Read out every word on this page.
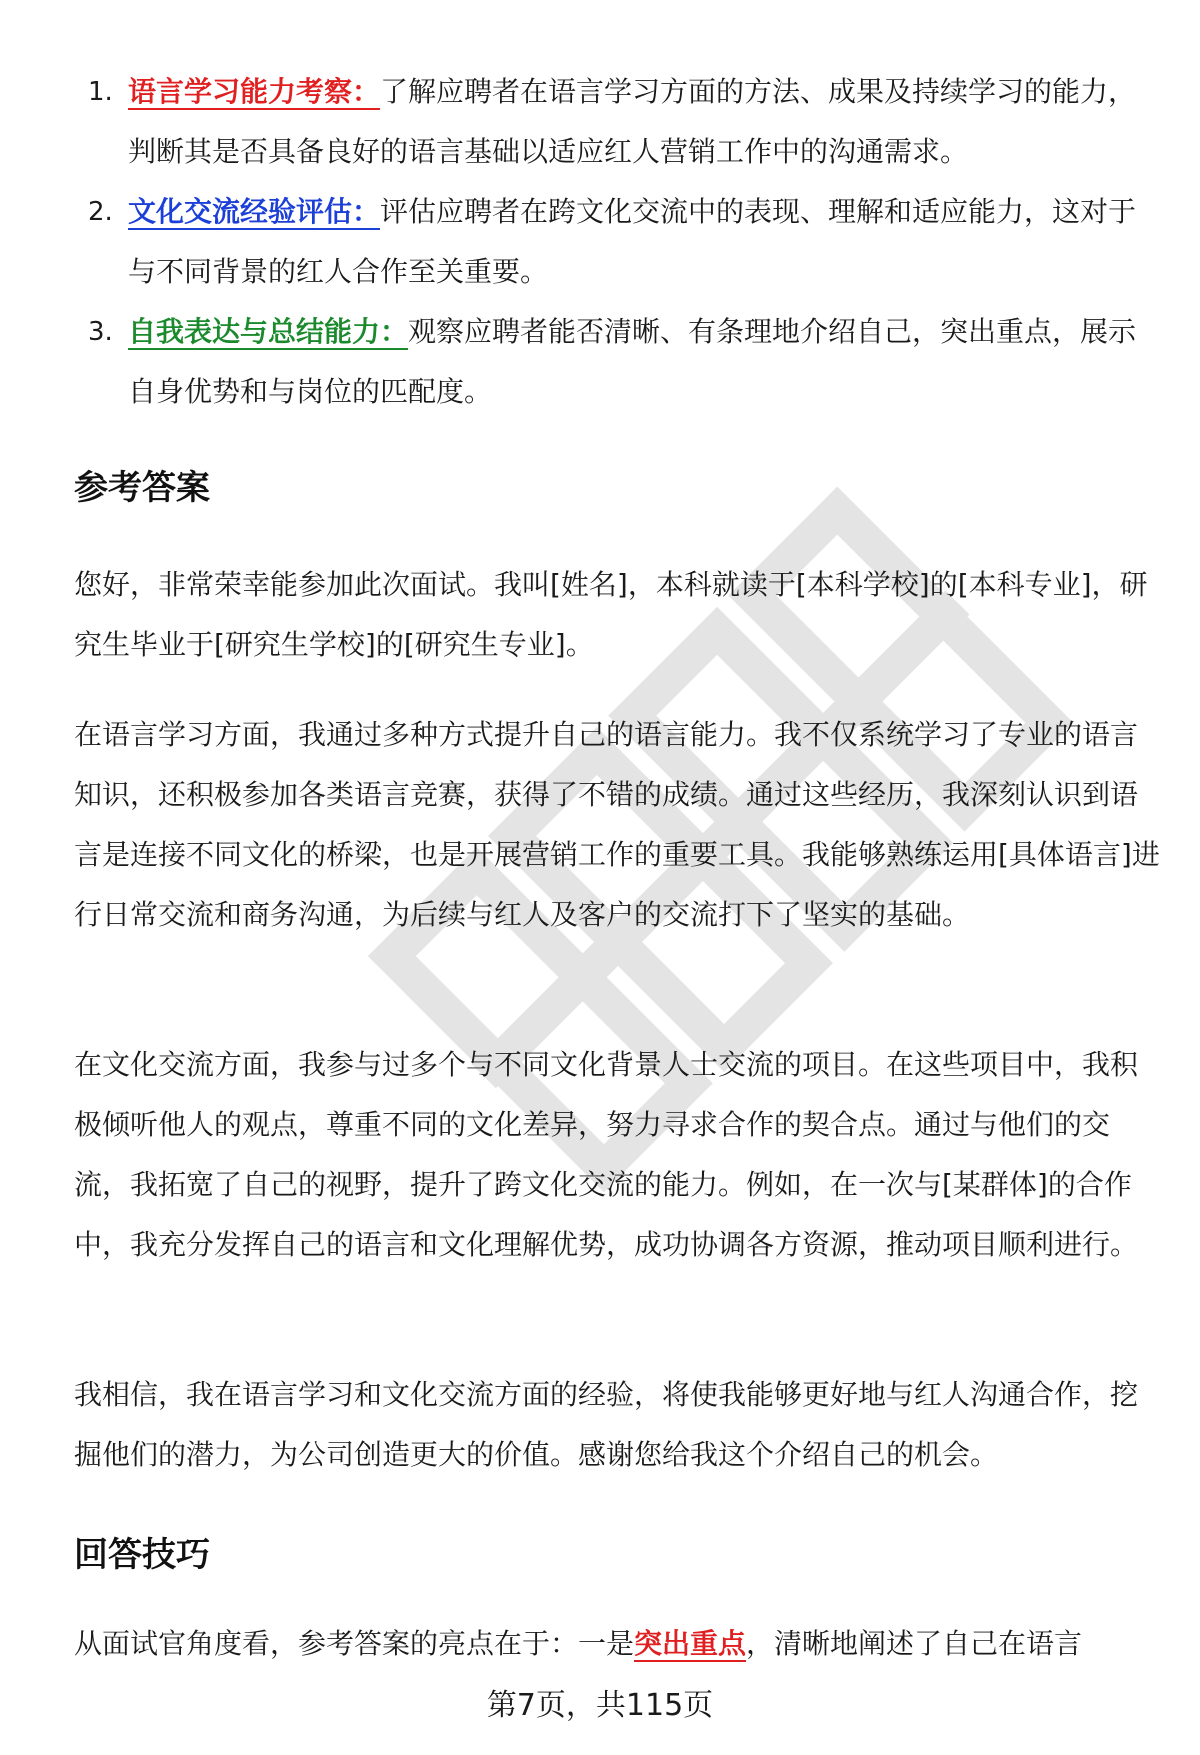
1. 语言学习能力考察：了解应聘者在语言学习方面的方法、成果及持续学习的能力，判断其是否具备良好的语言基础以适应红人营销工作中的沟通需求。
2. 文化交流经验评估：评估应聘者在跨文化交流中的表现、理解和适应能力，这对于与不同背景的红人合作至关重要。
3. 自我表达与总结能力：观察应聘者能否清晰、有条理地介绍自己，突出重点，展示自身优势和与岗位的匹配度。
参考答案

您好，非常荣幸能参加此次面试。我叫[姓名]，本科就读于[本科学校]的[本科专业]，研究生毕业于[研究生学校]的[研究生专业]。

在语言学习方面，我通过多种方式提升自己的语言能力。我不仅系统学习了专业的语言知识，还积极参加各类语言竞赛，获得了不错的成绩。通过这些经历，我深刻认识到语言是连接不同文化的桥梁，也是开展营销工作的重要工具。我能够熟练运用[具体语言]进行日常交流和商务沟通，为后续与红人及客户的交流打下了坚实的基础。

在文化交流方面，我参与过多个与不同文化背景人士交流的项目。在这些项目中，我积极倾听他人的观点，尊重不同的文化差异，努力寻求合作的契合点。通过与他们的交流，我拓宽了自己的视野，提升了跨文化交流的能力。例如，在一次与[某群体]的合作中，我充分发挥自己的语言和文化理解优势，成功协调各方资源，推动项目顺利进行。

我相信，我在语言学习和文化交流方面的经验，将使我能够更好地与红人沟通合作，挖掘他们的潜力，为公司创造更大的价值。感谢您给我这个介绍自己的机会。

回答技巧

从面试官角度看，参考答案的亮点在于：一是突出重点，清晰地阐述了自己在语言

第7页，共115页
